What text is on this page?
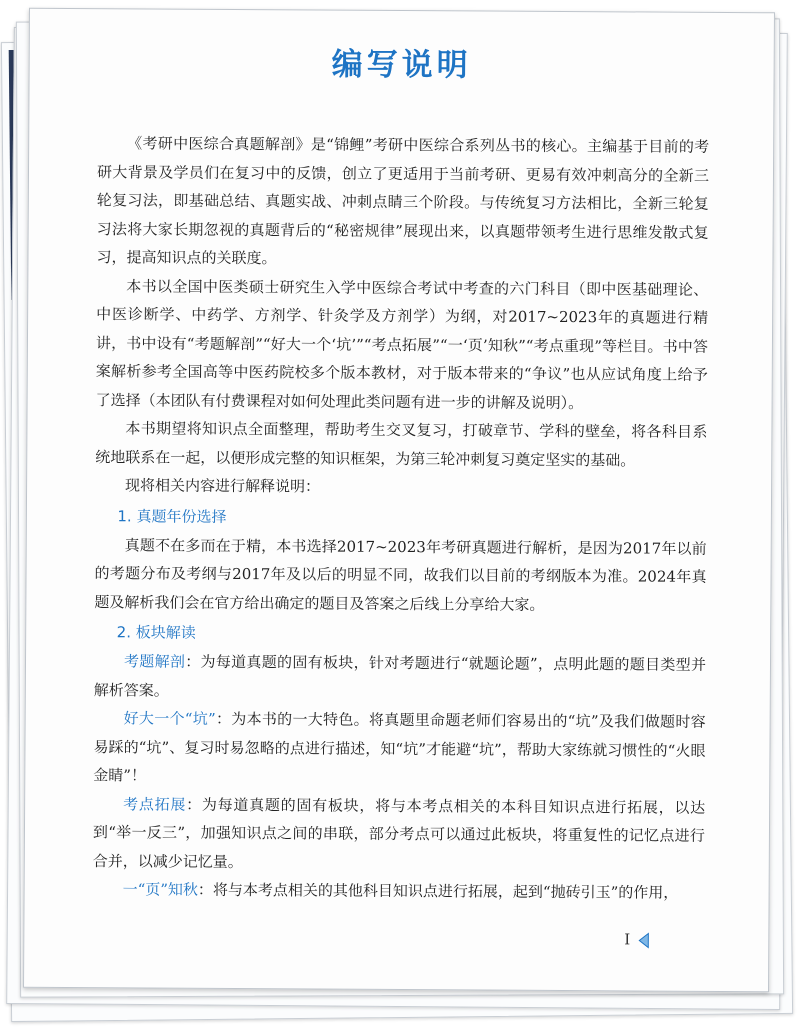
编写说明

《考研中医综合真题解剖》是“锦鲤”考研中医综合系列丛书的核心。主编基于目前的考研大背景及学员们在复习中的反馈，创立了更适用于当前考研、更易有效冲刺高分的全新三轮复习法，即基础总结、真题实战、冲刺点睛三个阶段。与传统复习方法相比，全新三轮复习法将大家长期忽视的真题背后的“秘密规律”展现出来，以真题带领考生进行思维发散式复习，提高知识点的关联度。

本书以全国中医类硕士研究生入学中医综合考试中考查的六门科目（即中医基础理论、中医诊断学、中药学、方剂学、针灸学及方剂学）为纲，对2017~2023年的真题进行精讲，书中设有“考题解剖”“好大一个‘坑’”“考点拓展”“一‘页’知秋”“考点重现”等栏目。书中答案解析参考全国高等中医药院校多个版本教材，对于版本带来的“争议”也从应试角度上给予了选择（本团队有付费课程对如何处理此类问题有进一步的讲解及说明）。

本书期望将知识点全面整理，帮助考生交叉复习，打破章节、学科的壁垒，将各科目系统地联系在一起，以便形成完整的知识框架，为第三轮冲刺复习奠定坚实的基础。

现将相关内容进行解释说明：

1. 真题年份选择

真题不在多而在于精，本书选择2017~2023年考研真题进行解析，是因为2017年以前的考题分布及考纲与2017年及以后的明显不同，故我们以目前的考纲版本为准。2024年真题及解析我们会在官方给出确定的题目及答案之后线上分享给大家。

2. 板块解读

考题解剖：为每道真题的固有板块，针对考题进行“就题论题”，点明此题的题目类型并解析答案。

好大一个“坑”：为本书的一大特色。将真题里命题老师们容易出的“坑”及我们做题时容易踩的“坑”、复习时易忽略的点进行描述，知“坑”才能避“坑”，帮助大家练就习惯性的“火眼金睛”！

考点拓展：为每道真题的固有板块，将与本考点相关的本科目知识点进行拓展，以达到“举一反三”，加强知识点之间的串联，部分考点可以通过此板块，将重复性的记忆点进行合并，以减少记忆量。

一“页”知秋：将与本考点相关的其他科目知识点进行拓展，起到“抛砖引玉”的作用，

I
